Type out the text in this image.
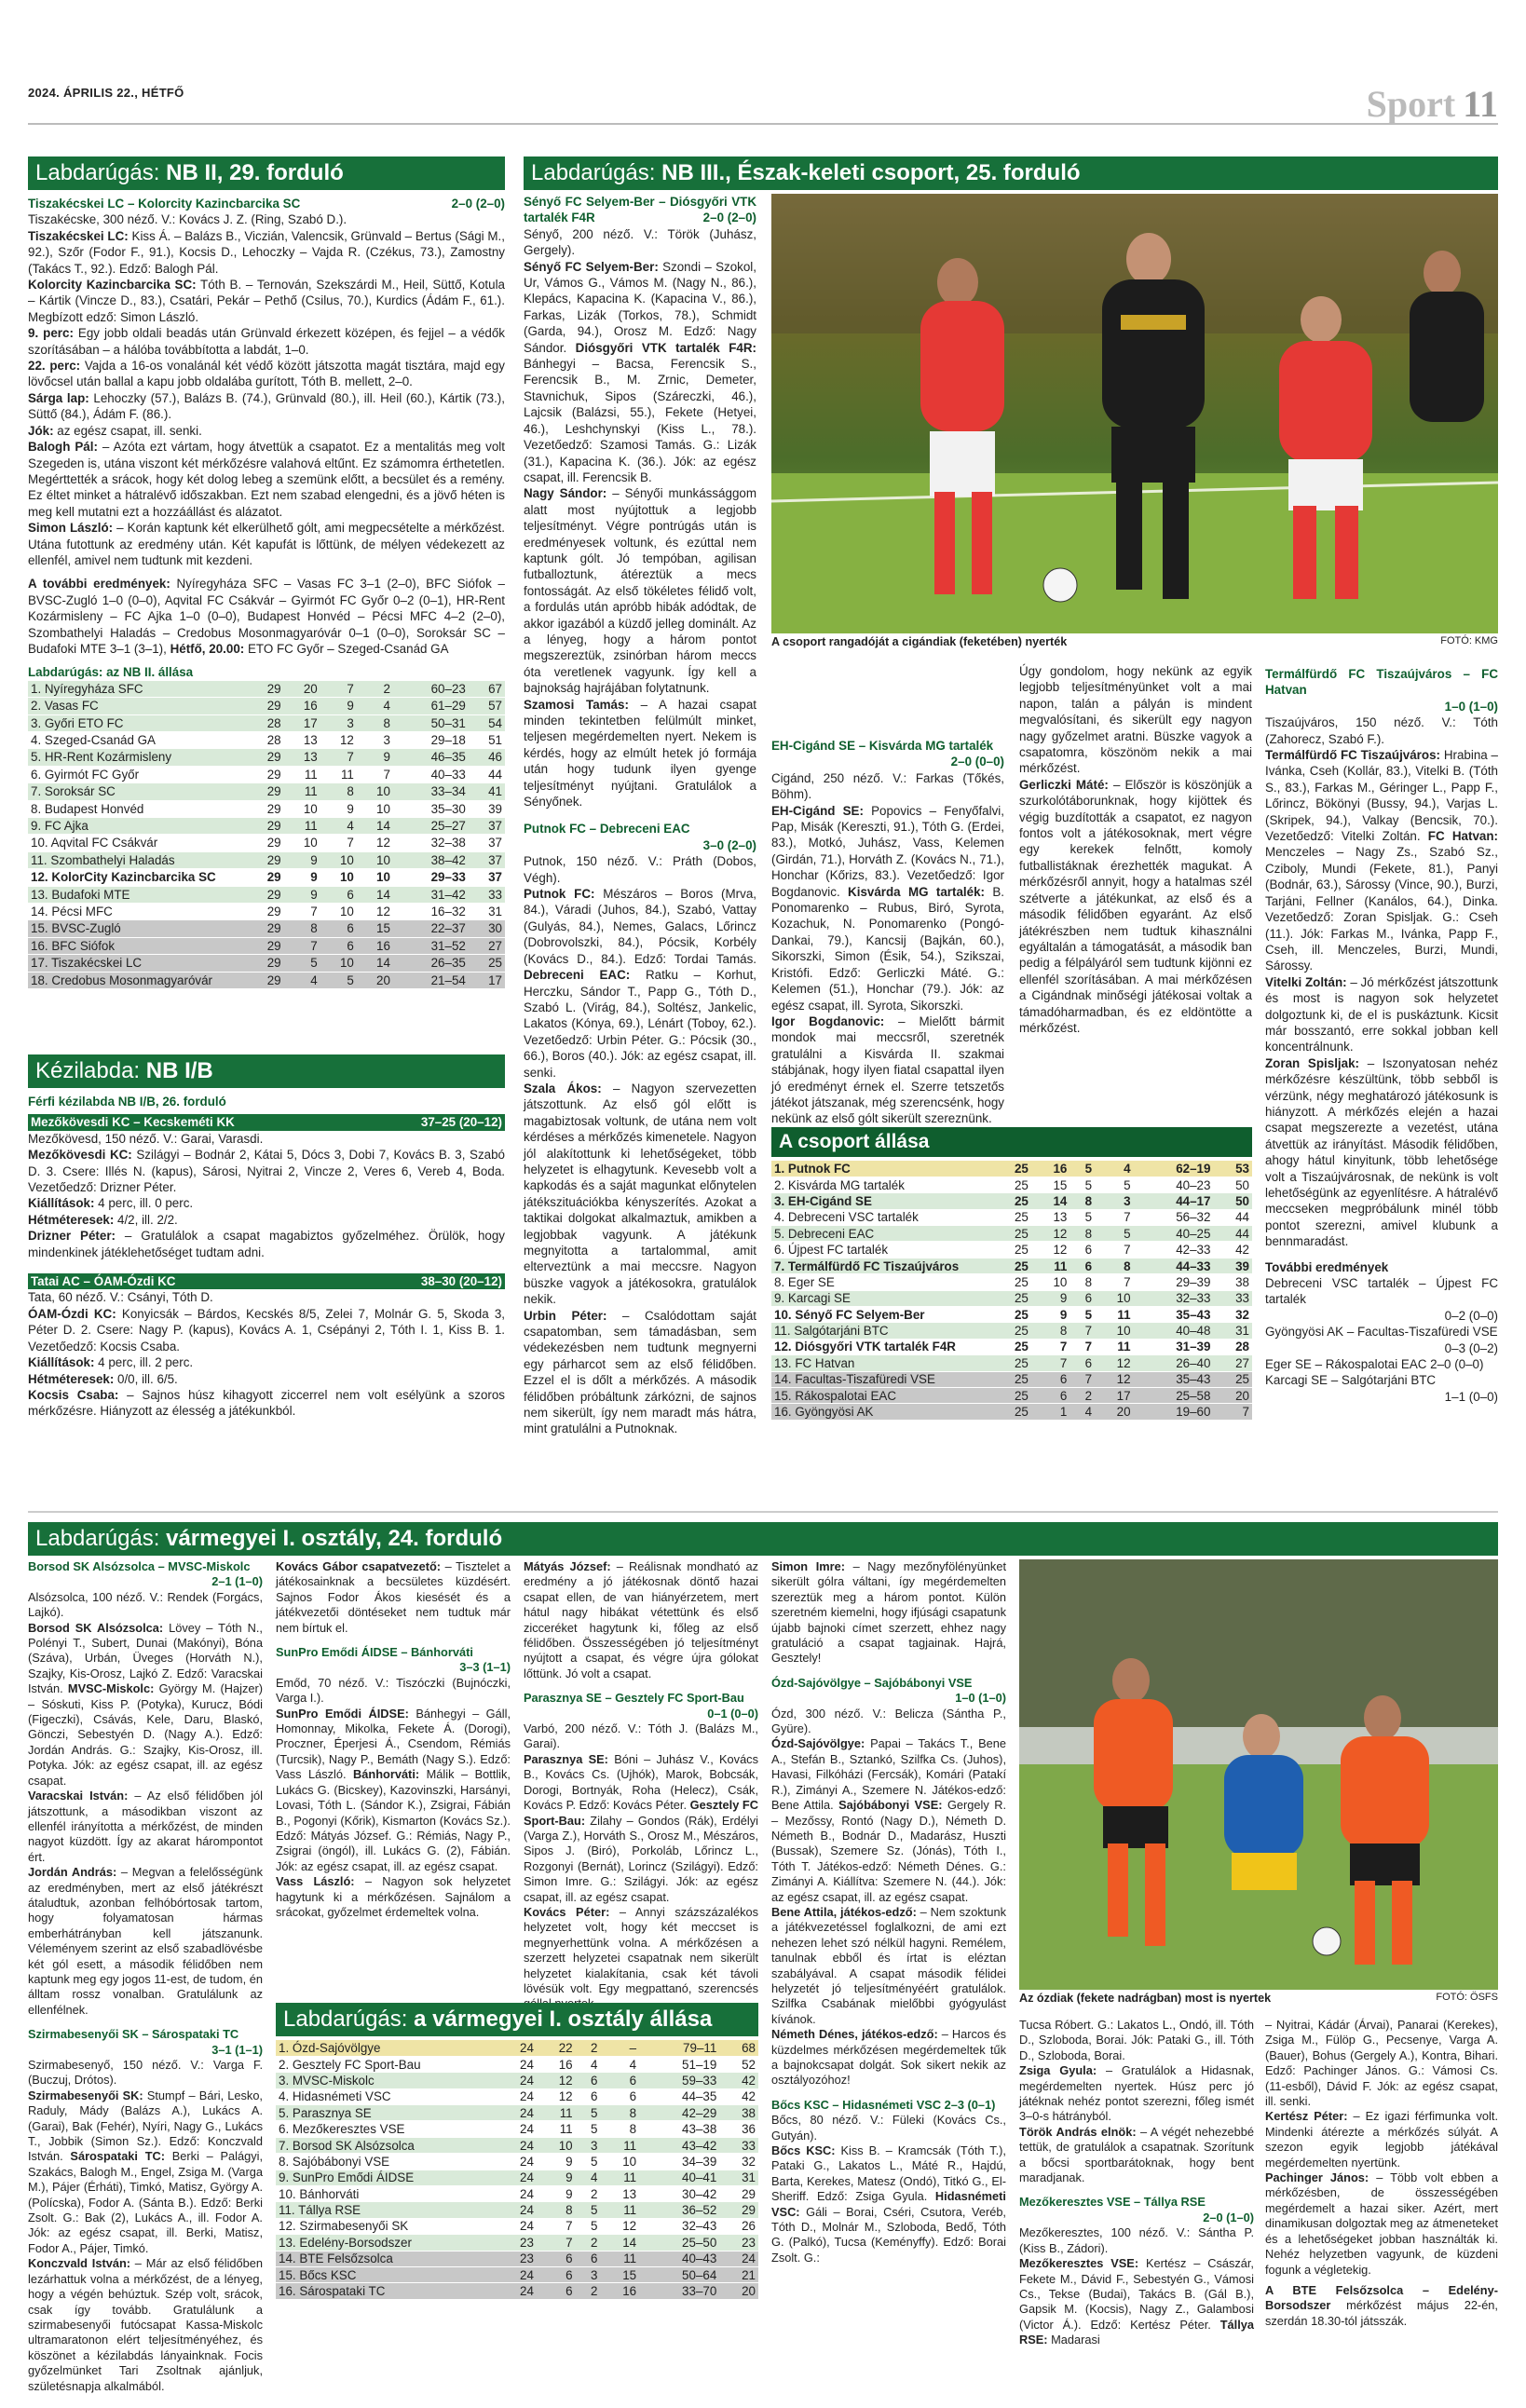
2024. ÁPRILIS 22., HÉTFŐ	Sport 11
Labdarúgás: NB II, 29. forduló
Tiszakécskei LC – Kolorcity Kazincbarcika SC	2–0 (2–0)

Tiszakécske, 300 néző. V.: Kovács J. Z. (Ring, Szabó D.).

Tiszakécskei LC: Kiss Á. – Balázs B., Viczián, Valencsik, Grünvald – Bertus (Sági M., 92.), Szőr (Fodor F., 91.), Kocsis D., Lehoczky – Vajda R. (Czékus, 73.), Zamostny (Takács T., 92.). Edző: Balogh Pál.

Kolorcity Kazincbarcika SC: Tóth B. – Ternován, Szekszárdi M., Heil, Süttő, Kotula – Kártik (Vincze D., 83.), Csatári, Pekár – Pethő (Csilus, 70.), Kurdics (Ádám F., 61.). Megbízott edző: Simon László.

9. perc: Egy jobb oldali beadás után Grünvald érkezett középen, és fejjel – a védők szorításában – a hálóba továbbította a labdát, 1–0.

22. perc: Vajda a 16-os vonalánál két védő között játszotta magát tisztára, majd egy lövőcsel után ballal a kapu jobb oldalába gurított, Tóth B. mellett, 2–0.

Sárga lap: Lehoczky (57.), Balázs B. (74.), Grünvald (80.), ill. Heil (60.), Kártik (73.), Süttő (84.), Ádám F. (86.).

Jók: az egész csapat, ill. senki.

Balogh Pál: – Azóta ezt vártam, hogy átvettük a csapatot. Ez a mentalitás meg volt Szegeden is, utána viszont két mérkőzésre valahová eltűnt. Ez számomra érthetetlen. Megérttették a srácok, hogy két dolog lebeg a szemünk előtt, a becsület és a remény. Ez éltet minket a hátralévő időszakban. Ezt nem szabad elengedni, és a jövő héten is meg kell mutatni ezt a hozzáállást és alázatot.

Simon László: – Korán kaptunk két elkerülhető gólt, ami megpecsételte a mérkőzést. Utána futottunk az eredmény után. Két kapufát is lőttünk, de mélyen védekezett az ellenfél, amivel nem tudtunk mit kezdeni.

A további eredmények: Nyíregyháza SFC – Vasas FC 3–1 (2–0), BFC Siófok – BVSC-Zugló 1–0 (0–0), Aqvital FC Csákvár – Gyirmót FC Győr 0–2 (0–1), HR-Rent Kozármisleny – FC Ajka 1–0 (0–0), Budapest Honvéd – Pécsi MFC 4–2 (2–0), Szombathelyi Haladás – Credobus Mosonmagyaróvár 0–1 (0–0), Soroksár SC – Budafoki MTE 3–1 (3–1), Hétfő, 20.00: ETO FC Győr – Szeged-Csanád GA

Labdarúgás: az NB II. állása
1. Nyíregyháza SFC	29	20	7	2	60–23	67
2. Vasas FC	29	16	9	4	61–29	57
3. Győri ETO FC	28	17	3	8	50–31	54
4. Szeged-Csanád GA	28	13	12	3	29–18	51
5. HR-Rent Kozármisleny	29	13	7	9	46–35	46
6. Gyirmót FC Győr	29	11	11	7	40–33	44
7. Soroksár SC	29	11	8	10	33–34	41
8. Budapest Honvéd	29	10	9	10	35–30	39
9. FC Ajka	29	11	4	14	25–27	37
10. Aqvital FC Csákvár	29	10	7	12	32–38	37
11. Szombathelyi Haladás	29	9	10	10	38–42	37
12. KolorCity Kazincbarcika SC	29	9	10	10	29–33	37
13. Budafoki MTE	29	9	6	14	31–42	33
14. Pécsi MFC	29	7	10	12	16–32	31
15. BVSC-Zugló	29	8	6	15	22–37	30
16. BFC Siófok	29	7	6	16	31–52	27
17. Tiszakécskei LC	29	5	10	14	26–35	25
18. Credobus Mosonmagyaróvár	29	4	5	20	21–54	17
Kézilabda: NB I/B
Férfi kézilabda NB I/B, 26. forduló
Mezőkövesdi KC – Kecskeméti KK	37–25 (20–12)

Mezőkövesd, 150 néző. V.: Garai, Varasdi.

Mezőkövesdi KC: Szilágyi – Bodnár 2, Kátai 5, Dócs 3, Dobi 7, Kovács B. 3, Szabó D. 3. Csere: Illés N. (kapus), Sárosi, Nyitrai 2, Vincze 2, Veres 6, Vereb 4, Boda. Vezetőedző: Drizner Péter.

Kiállítások: 4 perc, ill. 0 perc.

Hétméteresek: 4/2, ill. 2/2.

Drizner Péter: – Gratulálok a csapat magabiztos győzelméhez. Örülök, hogy mindenkinek játéklehetőséget tudtam adni.

Tatai AC – ÓAM-Ózdi KC	38–30 (20–12)

Tata, 60 néző. V.: Csányi, Tóth D.

ÓAM-Ózdi KC: Konyicsák – Bárdos, Kecskés 8/5, Zelei 7, Molnár G. 5, Skoda 3, Péter D. 2. Csere: Nagy P. (kapus), Kovács A. 1, Csépányi 2, Tóth I. 1, Kiss B. 1. Vezetőedző: Kocsis Csaba.

Kiállítások: 4 perc, ill. 2 perc.

Hétméteresek: 0/0, ill. 6/5.

Kocsis Csaba: – Sajnos húsz kihagyott ziccerrel nem volt esélyünk a szoros mérkőzésre. Hiányzott az élesség a játékunkból.

Labdarúgás: NB III., Észak-keleti csoport, 25. forduló
Sényő FC Selyem-Ber – Diósgyőri VTK tartalék F4R	2–0 (2–0)

Sényő, 200 néző. V.: Török (Juhász, Gergely).

Sényő FC Selyem-Ber: Szondi – Szokol, Ur, Vámos G., Vámos M. (Nagy N., 86.), Klepács, Kapacina K. (Kapacina V., 86.), Farkas, Lizák (Torkos, 78.), Schmidt (Garda, 94.), Orosz M. Edző: Nagy Sándor. Diósgyőri VTK tartalék F4R: Bánhegyi – Bacsa, Ferencsik S., Ferencsik B., M. Zrnic, Demeter, Stavnichuk, Sipos (Száreczki, 46.), Lajcsik (Balázsi, 55.), Fekete (Hetyei, 46.), Leshchynskyi (Kiss L., 78.). Vezetőedző: Szamosi Tamás. G.: Lizák (31.), Kapacina K. (36.). Jók: az egész csapat, ill. Ferencsik B.

Nagy Sándor: – Sényői munkássággom alatt most nyújtottuk a legjobb teljesítményt. Végre pontrúgás után is eredményesek voltunk, és ezúttal nem kaptunk gólt. Jó tempóban, agilisan futballoztunk, átéreztük a mecs fontosságát. Az első tökéletes félidő volt, a fordulás után apróbb hibák adódtak, de akkor igazából a küzdő jelleg dominált. Az a lényeg, hogy a három pontot megszereztük, zsinórban három meccs óta veretlenek vagyunk. Így kell a bajnokság hajrájában folytatnunk.

Szamosi Tamás: – A hazai csapat minden tekintetben felülmúlt minket, teljesen megérdemelten nyert. Nekem is kérdés, hogy az elmúlt hetek jó formája után hogy tudunk ilyen gyenge teljesítményt nyújtani. Gratulálok a Sényőnek.

Putnok FC – Debreceni EAC
3–0 (2–0)

Putnok, 150 néző. V.: Práth (Dobos, Végh).

Putnok FC: Mészáros – Boros (Mrva, 84.), Váradi (Juhos, 84.), Szabó, Vattay (Gulyás, 84.), Nemes, Galacs, Lőrincz (Dobrovolszki, 84.), Pócsik, Korbély (Kovács D., 84.). Edző: Tordai Tamás. Debreceni EAC: Ratku – Korhut, Herczku, Sándor T., Papp G., Tóth D., Szabó L. (Virág, 84.), Soltész, Jankelic, Lakatos (Kónya, 69.), Lénárt (Toboy, 62.). Vezetőedző: Urbin Péter. G.: Pócsik (30., 66.), Boros (40.). Jók: az egész csapat, ill. senki.

Szala Ákos: – Nagyon szervezetten játszottunk. Az első gól előtt is magabiztosak voltunk, de utána nem volt kérdéses a mérkőzés kimenetele. Nagyon jól alakítottunk ki lehetőségeket, több helyzetet is elhagytunk. Kevesebb volt a kapkodás és a saját magunkat előnytelen játékszituációkba kényszerítés. Azokat a taktikai dolgokat alkalmaztuk, amikben a legjobbak vagyunk. A játékunk megnyitotta a tartalommal, amit elterveztünk a mai meccsre. Nagyon büszke vagyok a játékosokra, gratulálok nekik.

Urbin Péter: – Csalódottam saját csapatomban, sem támadásban, sem védekezésben nem tudtunk megnyerni egy párharcot sem az első félidőben. Ezzel el is dőlt a mérkőzés. A második félidőben próbáltunk zárkózni, de sajnos nem sikerült, így nem maradt más hátra, mint gratulálni a Putnoknak.

A csoport rangadóját a cigándiak (feketében) nyerték	FOTÓ: KMG
EH-Cigánd SE – Kisvárda MG tartalék
2–0 (0–0)

Cigánd, 250 néző. V.: Farkas (Tőkés, Böhm).

EH-Cigánd SE: Popovics – Fenyőfalvi, Pap, Misák (Kereszti, 91.), Tóth G. (Erdei, 83.), Motkó, Juhász, Vass, Kelemen (Girdán, 71.), Horváth Z. (Kovács N., 71.), Honchar (Kőrizs, 83.). Vezetőedző: Igor Bogdanovic. Kisvárda MG tartalék: B. Ponomarenko – Rubus, Biró, Syrota, Kozachuk, N. Ponomarenko (Pongó-Dankai, 79.), Kancsij (Bajkán, 60.), Sikorszki, Simon (Ésik, 54.), Szikszai, Kristófi. Edző: Gerliczki Máté. G.: Kelemen (51.), Honchar (79.). Jók: az egész csapat, ill. Syrota, Sikorszki.

Igor Bogdanovic: – Mielőtt bármit mondok mai meccsről, szeretnék gratulálni a Kisvárda II. szakmai stábjának, hogy ilyen fiatal csapattal ilyen jó eredményt érnek el. Szerre tetszetős játékot játszanak, még szerencsénk, hogy nekünk az első gólt sikerült szereznünk.

Úgy gondolom, hogy nekünk az egyik legjobb teljesítményünket volt a mai napon, talán a pályán is mindent megvalósítani, és sikerült egy nagyon nagy győzelmet aratni. Büszke vagyok a csapatomra, köszönöm nekik a mai mérkőzést.

Gerliczki Máté: – Először is köszönjük a szurkolótáborunknak, hogy kijöttek és végig buzdították a csapatot, ez nagyon fontos volt a játékosoknak, mert végre egy kerekek felnőtt, komoly futballistáknak érezhették magukat. A mérkőzésről annyit, hogy a hatalmas szél szétverte a játékunkat, az első és a második félidőben egyaránt. Az első játékrészben nem tudtuk kihasználni egyáltalán a támogatását, a második ban pedig a félpályáról sem tudtunk kijönni ez ellenfél szorításában. A mai mérkőzésen a Cigándnak minőségi játékosai voltak a támadóharmadban, és ez eldöntötte a mérkőzést.

Termálfürdő FC Tiszaújváros – FC Hatvan
1–0 (1–0)

Tiszaújváros, 150 néző. V.: Tóth (Zahorecz, Szabó F.).

Termálfürdő FC Tiszaújváros: Hrabina – Ivánka, Cseh (Kollár, 83.), Vitelki B. (Tóth S., 83.), Farkas M., Géringer L., Papp F., Lőrincz, Bökönyi (Bussy, 94.), Varjas L. (Skripek, 94.), Valkay (Bencsik, 70.). Vezetőedző: Vitelki Zoltán. FC Hatvan: Menczeles – Nagy Zs., Szabó Sz., Cziboly, Mundi (Fekete, 81.), Panyi (Bodnár, 63.), Sárossy (Vince, 90.), Burzi, Tarjáni, Fellner (Kanálos, 64.), Dinka. Vezetőedző: Zoran Spisljak. G.: Cseh (11.). Jók: Farkas M., Ivánka, Papp F., Cseh, ill. Menczeles, Burzi, Mundi, Sárossy.

Vitelki Zoltán: – Jó mérkőzést játszottunk és most is nagyon sok helyzetet dolgoztunk ki, de el is puskáztunk. Kicsit már bosszantó, erre sokkal jobban kell koncentrálnunk.

Zoran Spisljak: – Iszonyatosan nehéz mérkőzésre készültünk, több sebből is vérzünk, négy meghatározó játékosunk is hiányzott. A mérkőzés elején a hazai csapat megszerezte a vezetést, utána átvettük az irányítást. Második félidőben, ahogy hátul kinyitunk, több lehetősége volt a Tiszaújvárosnak, de nekünk is volt lehetőségünk az egyenlítésre. A hátralévő meccseken megpróbálunk minél több pontot szerezni, amivel klubunk a bennmaradást.

További eredmények

Debreceni VSC tartalék – Újpest FC tartalék

0–2 (0–0)

Gyöngyösi AK – Facultas-Tiszafüredi VSE

0–3 (0–2)

Eger SE – Rákospalotai EAC 2–0 (0–0)

Karcagi SE – Salgótarjáni BTC

1–1 (0–0)
A csoport állása
1. Putnok FC	25	16	5	4	62–19	53
2. Kisvárda MG tartalék	25	15	5	5	40–23	50
3. EH-Cigánd SE	25	14	8	3	44–17	50
4. Debreceni VSC tartalék	25	13	5	7	56–32	44
5. Debreceni EAC	25	12	8	5	40–25	44
6. Újpest FC tartalék	25	12	6	7	42–33	42
7. Termálfürdő FC Tiszaújváros	25	11	6	8	44–33	39
8. Eger SE	25	10	8	7	29–39	38
9. Karcagi SE	25	9	6	10	32–33	33
10. Sényő FC Selyem-Ber	25	9	5	11	35–43	32
11. Salgótarjáni BTC	25	8	7	10	40–48	31
12. Diósgyőri VTK tartalék F4R	25	7	7	11	31–39	28
13. FC Hatvan	25	7	6	12	26–40	27
14. Facultas-Tiszafüredi VSE	25	6	7	12	35–43	25
15. Rákospalotai EAC	25	6	2	17	25–58	20
16. Gyöngyösi AK	25	1	4	20	19–60	7
Labdarúgás: vármegyei I. osztály, 24. forduló
Borsod SK Alsózsolca – MVSC-Miskolc
2–1 (1–0)

Alsózsolca, 100 néző. V.: Rendek (Forgács, Lajkó).

Borsod SK Alsózsolca: Lövey – Tóth N., Polényi T., Subert, Dunai (Makónyi), Bóna (Száva), Urbán, Üveges (Horváth N.), Szajky, Kis-Orosz, Lajkó Z. Edző: Varacskai István. MVSC-Miskolc: György M. (Hajzer) – Sóskuti, Kiss P. (Potyka), Kurucz, Bódi (Figeczki), Csávás, Kele, Daru, Blaskó, Gönczi, Sebestyén D. (Nagy A.). Edző: Jordán András. G.: Szajky, Kis-Orosz, ill. Potyka. Jók: az egész csapat, ill. az egész csapat.

Varacskai István: – Az első félidőben jól játszottunk, a másodikban viszont az ellenfél irányította a mérkőzést, de minden nagyot küzdött. Így az akarat hárompontot ért.

Jordán András: – Megvan a felelősségünk az eredményben, mert az első játékrészt átaludtuk, azonban felhóbórtosak tartom, hogy folyamatosan hármas emberhátrányban kell játszanunk. Véleményem szerint az első szabadlövésbe két gól esett, a második félidőben nem kaptunk meg egy jogos 11-est, de tudom, én álltam rossz vonalban. Gratulálunk az ellenfélnek.

Szirmabesenyői SK – Sárospataki TC
3–1 (1–1)

Szirmabesenyő, 150 néző. V.: Varga F. (Buczuj, Drótos).

Szirmabesenyői SK: Stumpf – Bári, Lesko, Raduly, Mády (Balázs A.), Lukács A. (Garai), Bak (Fehér), Nyíri, Nagy G., Lukács T., Jobbik (Simon Sz.). Edző: Konczvald István. Sárospataki TC: Berki – Palágyi, Szakács, Balogh M., Engel, Zsiga M. (Varga M.), Pájer (Érháti), Timkó, Matisz, György A. (Polícska), Fodor A. (Sánta B.). Edző: Berki Zsolt. G.: Bak (2), Lukács A., ill. Fodor A. Jók: az egész csapat, ill. Berki, Matisz, Fodor A., Pájer, Timkó.

Konczvald István: – Már az első félidőben lezárhattuk volna a mérkőzést, de a lényeg, hogy a végén behúztuk. Szép volt, srácok, csak így tovább. Gratulálunk a szirmabesenyői futócsapat Kassa-Miskolc ultramaratonon elért teljesítményéhez, és köszönet a kézilabdás lányainknak. Focis győzelmünket Tari Zsoltnak ajánljuk, születésnapja alkalmából.

Kovács Gábor csapatvezető: – Tisztelet a játékosainknak a becsületes küzdésért. Sajnos Fodor Ákos kiesését és a játékvezetői döntéseket nem tudtuk már nem bírtuk el.

SunPro Emődi ÁIDSE – Bánhorváti
3–3 (1–1)

Emőd, 70 néző. V.: Tiszóczki (Bujnóczki, Varga I.).

SunPro Emődi ÁIDSE: Bánhegyi – Gáll, Homonnay, Mikolka, Fekete Á. (Dorogi), Proczner, Éperjesi Á., Csendom, Rémiás (Turcsik), Nagy P., Bemáth (Nagy S.). Edző: Vass László. Bánhorváti: Málik – Bottlik, Lukács G. (Bicskey), Kazovinszki, Harsányi, Lovasi, Tóth L. (Sándor K.), Zsigrai, Fábián B., Pogonyi (Kőrik), Kismarton (Kovács Sz.). Edző: Mátyás József. G.: Rémiás, Nagy P., Zsigrai (öngól), ill. Lukács G. (2), Fábián. Jók: az egész csapat, ill. az egész csapat.

Vass László: – Nagyon sok helyzetet hagytunk ki a mérkőzésen. Sajnálom a srácokat, győzelmet érdemeltek volna.

Mátyás József: – Reálisnak mondható az eredmény a jó játékosnak döntő hazai csapat ellen, de van hiányérzetem, mert hátul nagy hibákat vétettünk és első zicceréket hagytunk ki, főleg az első félidőben. Összességében jó teljesítményt nyújtott a csapat, és végre újra gólokat lőttünk. Jó volt a csapat.

Parasznya SE – Gesztely FC Sport-Bau
0–1 (0–0)

Varbó, 200 néző. V.: Tóth J. (Balázs M., Garai).

Parasznya SE: Bóni – Juhász V., Kovács B., Kovács Cs. (Ujhók), Marok, Bobcsák, Dorogi, Bortnyák, Roha (Helecz), Csák, Kovács P. Edző: Kovács Péter. Gesztely FC Sport-Bau: Zilahy – Gondos (Rák), Erdélyi (Varga Z.), Horváth S., Orosz M., Mészáros, Sipos J. (Biró), Porkoláb, Lőrincz L., Rozgonyi (Bernát), Lorincz (Szilágyi). Edző: Simon Imre. G.: Szilágyi. Jók: az egész csapat, ill. az egész csapat.

Kovács Péter: – Annyi százszázalékos helyzetet volt, hogy két meccset is megnyerhettünk volna. A mérkőzésen a szerzett helyzetei csapatnak nem sikerült helyzetet kialakítania, csak két távoli lövésük volt. Egy megpattanó, szerencsés

Simon Imre: – Nagy mezőnyfölényünket sikerült gólra váltani, így megérdemelten szereztük meg a három pontot. Külön szeretném kiemelni, hogy ifjúsági csapatunk újabb bajnoki címet szerzett, ehhez nagy gratuláció a csapat tagjainak. Hajrá, Gesztely!

Ózd-Sajóvölgye – Sajóbábonyi VSE
1–0 (1–0)

Ózd, 300 néző. V.: Belicza (Sántha P., Gyüre).

Ózd-Sajóvölgye: Papai – Takács T., Bene A., Stefán B., Sztankó, Szilfka Cs. (Juhos), Havasi, Filkóházi (Fercsák), Komári (Patakí R.), Zimányi A., Szemere N. Játékos-edző: Bene Attila. Sajóbábonyi VSE: Gergely R. – Mezőssy, Rontó (Nagy D.), Németh D. Németh B., Bodnár D., Madarász, Huszti (Bussak), Szemere Sz. (Jónás), Tóth I., Tóth T. Játékos-edző: Németh Dénes. G.: Zimányi A. Kiállítva: Szemere N. (44.). Jók: az egész csapat, ill. az egész csapat.

Bene Attila, játékos-edző: – Nem szoktunk a játékvezetéssel foglalkozni, de ami ezt nehezen lehet szó nélkül hagyni. Remélem, tanulnak ebből és írtat is eléztan szabályával. A csapat második félidei helyzetét jó teljesítményéért gratulálok. Szilfka Csabának mielőbbi gyógyulást kívánok.

Németh Dénes, játékos-edző: – Harcos és küzdelmes mérkőzésen megérdemeltek tűk a bajnokcsapat dolgát. Sok sikert nekik az osztályozóhoz!

Bőcs KSC – Hidasnémeti VSC 2–3 (0–1)

Bőcs, 80 néző. V.: Füleki (Kovács Cs., Gutyán).

Bőcs KSC: Kiss B. – Kramcsák (Tóth T.), Pataki G., Lakatos L., Máté R., Hajdú, Barta, Kerekes, Matesz (Ondó), Titkó G., El-Sheriff. Edző: Zsiga Gyula. Hidasnémeti VSC: Gáli – Borai, Cséri, Csutora, Veréb, Tóth D., Molnár M., Szloboda, Bedő, Tóth G. (Palkó), Tucsa (Keményffy). Edző: Borai Zsolt. G.:

Az ózdiak (fekete nadrágban) most is nyertek	FOTÓ: ÖSFS

Tucsa Róbert. G.: Lakatos L., Ondó, ill. Tóth D., Szloboda, Borai. Jók: Pataki G., ill. Tóth D., Szloboda, Borai.

Zsiga Gyula: – Gratulálok a Hidasnak, megérdemelten nyertek. Húsz perc jó játéknak nehéz pontot szerezni, főleg ismét 3–0-s hátrányból.

Török András elnök: – A végét nehezebbé tettük, de gratulálok a csapatnak. Szorítunk a bőcsi sportbarátoknak, hogy bent maradjanak.

Mezőkeresztes VSE – Tállya RSE
2–0 (1–0)

Mezőkeresztes, 100 néző. V.: Sántha P. (Kiss B., Zádori).

Mezőkeresztes VSE: Kertész – Császár, Fekete M., Dávid F., Sebestyén G., Vámosi Cs., Tekse (Budai), Takács B. (Gál B.), Gapsik M. (Kocsis), Nagy Z., Galambosi (Victor Á.). Edző: Kertész Péter. Tállya RSE: Madarasi

– Nyitrai, Kádár (Árvai), Panarai (Kerekes), Zsiga M., Fülöp G., Pecsenye, Varga A. (Bauer), Bohus (Gergely A.), Kontra, Bihari. Edző: Pachinger János. G.: Vámosi Cs. (11-esből), Dávid F. Jók: az egész csapat, ill. senki.

Kertész Péter: – Ez igazi férfimunka volt. Mindenki átérezte a mérkőzés súlyát. A szezon egyik legjobb játékával megérdemelten nyertünk.

Pachinger János: – Több volt ebben a mérkőzésben, de összességében megérdemelt a hazai siker. Azért, mert dinamikusan dolgoztak meg az átmeneteket és a lehetőségeket jobban használták ki. Nehéz helyzetben vagyunk, de küzdeni fogunk a végletekig.

A BTE Felsőzsolca – Edelény-Borsodszer mérkőzést május 22-én, szerdán 18.30-tól játsszák.

Labdarúgás: a vármegyei I. osztály állása
1. Ózd-Sajóvölgye	24	22	2	–	79–11	68
2. Gesztely FC Sport-Bau	24	16	4	4	51–19	52
3. MVSC-Miskolc	24	12	6	6	59–33	42
4. Hidasnémeti VSC	24	12	6	6	44–35	42
5. Parasznya SE	24	11	5	8	42–29	38
6. Mezőkeresztes VSE	24	11	5	8	43–38	36
7. Borsod SK Alsózsolca	24	10	3	11	43–42	33
8. Sajóbábonyi VSE	24	9	5	10	34–39	32
9. SunPro Emődi ÁIDSE	24	9	4	11	40–41	31
10. Bánhorváti	24	9	2	13	30–42	29
11. Tállya RSE	24	8	5	11	36–52	29
12. Szirmabesenyői SK	24	7	5	12	32–43	26
13. Edelény-Borsodszer	23	7	2	14	25–50	23
14. BTE Felsőzsolca	23	6	6	11	40–43	24
15. Bőcs KSC	24	6	3	15	50–64	21
16. Sárospataki TC	24	6	2	16	33–70	20
